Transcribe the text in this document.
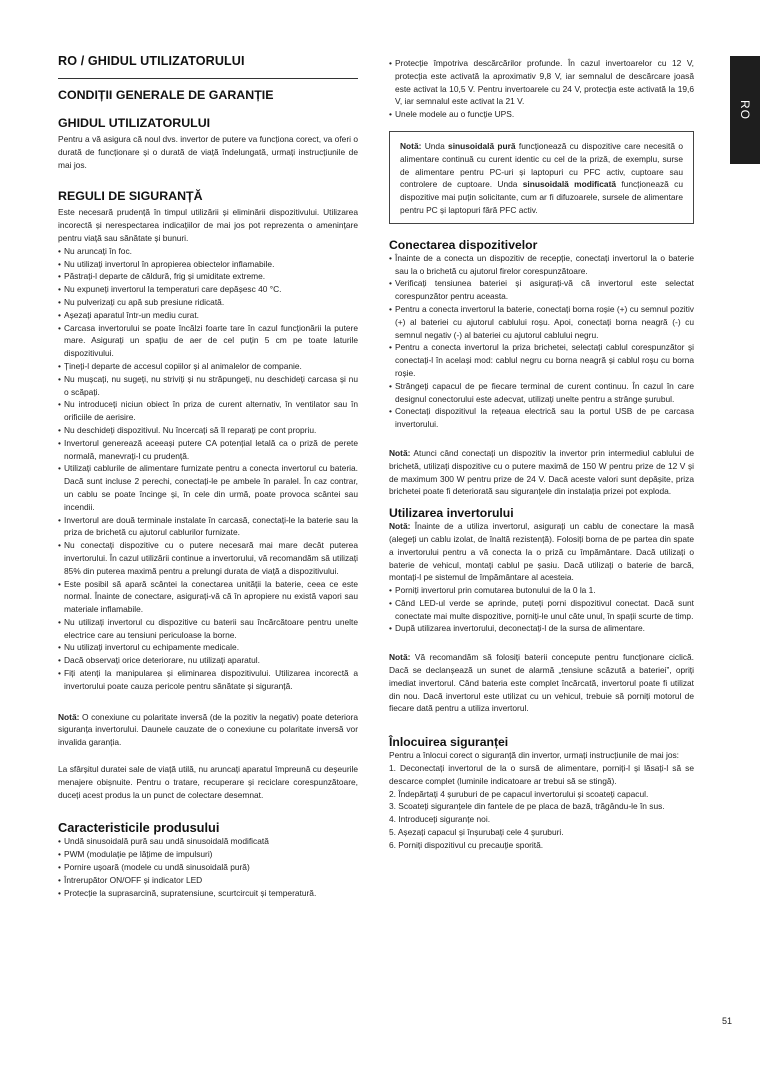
RO / GHIDUL UTILIZATORULUI
CONDIȚII GENERALE DE GARANȚIE
GHIDUL UTILIZATORULUI

Pentru a vă asigura că noul dvs. invertor de putere va funcționa corect, va oferi o durată de funcționare și o durată de viață îndelungată, urmați instrucțiunile de mai jos.

REGULI DE SIGURANȚĂ

Este necesară prudență în timpul utilizării și eliminării dispozitivului. Utilizarea incorectă și nerespectarea indicațiilor de mai jos pot reprezenta o amenințare pentru viață sau sănătate și bunuri.

• Nu aruncați în foc.
• Nu utilizați invertorul în apropierea obiectelor inflamabile.
• Păstrați-l departe de căldură, frig și umiditate extremе.
• Nu expuneți invertorul la temperaturi care depășesc 40 °C.
• Nu pulverizați cu apă sub presiune ridicată.
• Așezați aparatul într-un mediu curat.
• Carcasa invertorului se poate încălzi foarte tare în cazul funcționării la putere mare. Asigurați un spațiu de aer de cel puțin 5 cm pe toate laturile dispozitivului.
• Țineți-l departe de accesul copiilor și al animalelor de companie.
• Nu mușcați, nu sugeți, nu striviți și nu străpungeți, nu deschideți carcasa și nu o scăpați.
• Nu introduceți niciun obiect în priza de curent alternativ, în ventilator sau în orificiile de aerisire.
• Nu deschideți dispozitivul. Nu încercați să îl reparați pe cont propriu.
• Invertorul generează aceeași putere CA potențial letală ca o priză de perete normală, manevrați-l cu prudență.
• Utilizați cablurile de alimentare furnizate pentru a conecta invertorul cu bateria. Dacă sunt incluse 2 perechi, conectați-le pe ambele în paralel. În caz contrar, un cablu se poate încinge și, în cele din urmă, poate provoca scântei sau incendii.
• Invertorul are două terminale instalate în carcasă, conectați-le la baterie sau la priza de brichetă cu ajutorul cablurilor furnizate.
• Nu conectați dispozitive cu o putere necesară mai mare decât puterea invertorului. În cazul utilizării continue a invertorului, vă recomandăm să utilizați 85% din puterea maximă pentru a prelungi durata de viață a dispozitivului.
• Este posibil să apară scântei la conectarea unității la baterie, ceea ce este normal. Înainte de conectare, asigurați-vă că în apropiere nu există vapori sau materiale inflamabile.
• Nu utilizați invertorul cu dispozitive cu baterii sau încărcătoare pentru unelte electrice care au tensiuni periculoase la borne.
• Nu utilizați invertorul cu echipamente medicale.
• Dacă observați orice deteriorare, nu utilizați aparatul.
• Fiți atenți la manipularea și eliminarea dispozitivului. Utilizarea incorectă a invertorului poate cauza pericole pentru sănătate și siguranță.

Notă: O conexiune cu polaritate inversă (de la pozitiv la negativ) poate deteriora siguranța invertorului. Daunele cauzate de o conexiune cu polaritate inversă vor invalida garanția.

La sfârșitul duratei sale de viață utilă, nu aruncați aparatul împreună cu deșeurile menajere obișnuite. Pentru o tratare, recuperare și reciclare corespunzătoare, duceți acest produs la un punct de colectare desemnat.

Caracteristicile produsului
• Undă sinusoidală pură sau undă sinusoidală modificată
• PWM (modulație pe lățime de impulsuri)
• Pornire ușoară (modele cu undă sinusoidală pură)
• Întrerupător ON/OFF și indicator LED
• Protecție la suprasarcină, supratensiune, scurtcircuit și temperatură.
• Protecție împotriva descărcărilor profunde. În cazul invertoarelor cu 12 V, protecția este activată la aproximativ 9,8 V, iar semnalul de descărcare joasă este activat la 10,5 V. Pentru invertoarele cu 24 V, protecția este activată la 19,6 V, iar semnalul este activat la 21 V.
• Unele modele au o funcție UPS.

Notă: Unda sinusoidală pură funcționează cu dispozitive care necesită o alimentare continuă cu curent identic cu cel de la priză, de exemplu, surse de alimentare pentru PC-uri și laptopuri cu PFC activ, cuptoare sau controlere de cuptoare. Unda sinusoidală modificată funcționează cu dispozitive mai puțin solicitante, cum ar fi difuzoarele, sursele de alimentare pentru PC și laptopuri fără PFC activ.

Conectarea dispozitivelor
• Înainte de a conecta un dispozitiv de recepție, conectați invertorul la o baterie sau la o brichetă cu ajutorul firelor corespunzătoare.
• Verificați tensiunea bateriei și asigurați-vă că invertorul este selectat corespunzător pentru aceasta.
• Pentru a conecta invertorul la baterie, conectați borna roșie (+) cu semnul pozitiv (+) al bateriei cu ajutorul cablului roșu. Apoi, conectați borna neagră (-) cu semnul negativ (-) al bateriei cu ajutorul cablului negru.
• Pentru a conecta invertorul la priza brichetei, selectați cablul corespunzător și conectați-l în același mod: cablul negru cu borna neagră și cablul roșu cu borna roșie.
• Strângeți capacul de pe fiecare terminal de curent continuu. În cazul în care designul conectorului este adecvat, utilizați unelte pentru a strânge șurubul.
• Conectați dispozitivul la rețeaua electrică sau la portul USB de pe carcasa invertorului.

Notă: Atunci când conectați un dispozitiv la invertor prin intermediul cablului de brichetă, utilizați dispozitive cu o putere maximă de 150 W pentru prize de 12 V și de maximum 300 W pentru prize de 24 V. Dacă aceste valori sunt depășite, priza brichetei poate fi deteriorată sau siguranțele din instalația prizei pot exploda.

Utilizarea invertorului

Notă: Înainte de a utiliza invertorul, asigurați un cablu de conectare la masă (alegeți un cablu izolat, de înaltă rezistență). Folosiți borna de pe partea din spate a invertorului pentru a vă conecta la o priză cu împământare. Dacă utilizați o baterie de vehicul, montați cablul pe șasiu. Dacă utilizați o baterie de barcă, montați-l pe sistemul de împământare al acesteia.

• Porniți invertorul prin comutarea butonului de la 0 la 1.
• Când LED-ul verde se aprinde, puteți porni dispozitivul conectat. Dacă sunt conectate mai multe dispozitive, porniți-le unul câte unul, în spații scurte de timp.
• După utilizarea invertorului, deconectați-l de la sursa de alimentare.

Notă: Vă recomandăm să folosiți baterii concepute pentru funcționare ciclică. Dacă se declanșează un sunet de alarmă „tensiune scăzută a bateriei”, opriți imediat invertorul. Când bateria este complet încărcată, invertorul poate fi utilizat din nou. Dacă invertorul este utilizat cu un vehicul, trebuie să porniți motorul de fiecare dată pentru a utiliza invertorul.

Înlocuirea siguranței

Pentru a înlocui corect o siguranță din invertor, urmați instrucțiunile de mai jos:

1. Deconectați invertorul de la o sursă de alimentare, porniți-l și lăsați-l să se descarce complet (luminile indicatoare ar trebui să se stingă).
2. Îndepărtați 4 șuruburi de pe capacul invertorului și scoateți capacul.
3. Scoateți siguranțele din fantele de pe placa de bază, trăgându-le în sus.
4. Introduceți siguranțe noi.
5. Așezați capacul și înșurubați cele 4 șuruburi.
6. Porniți dispozitivul cu precauție sporită.
RO
51
